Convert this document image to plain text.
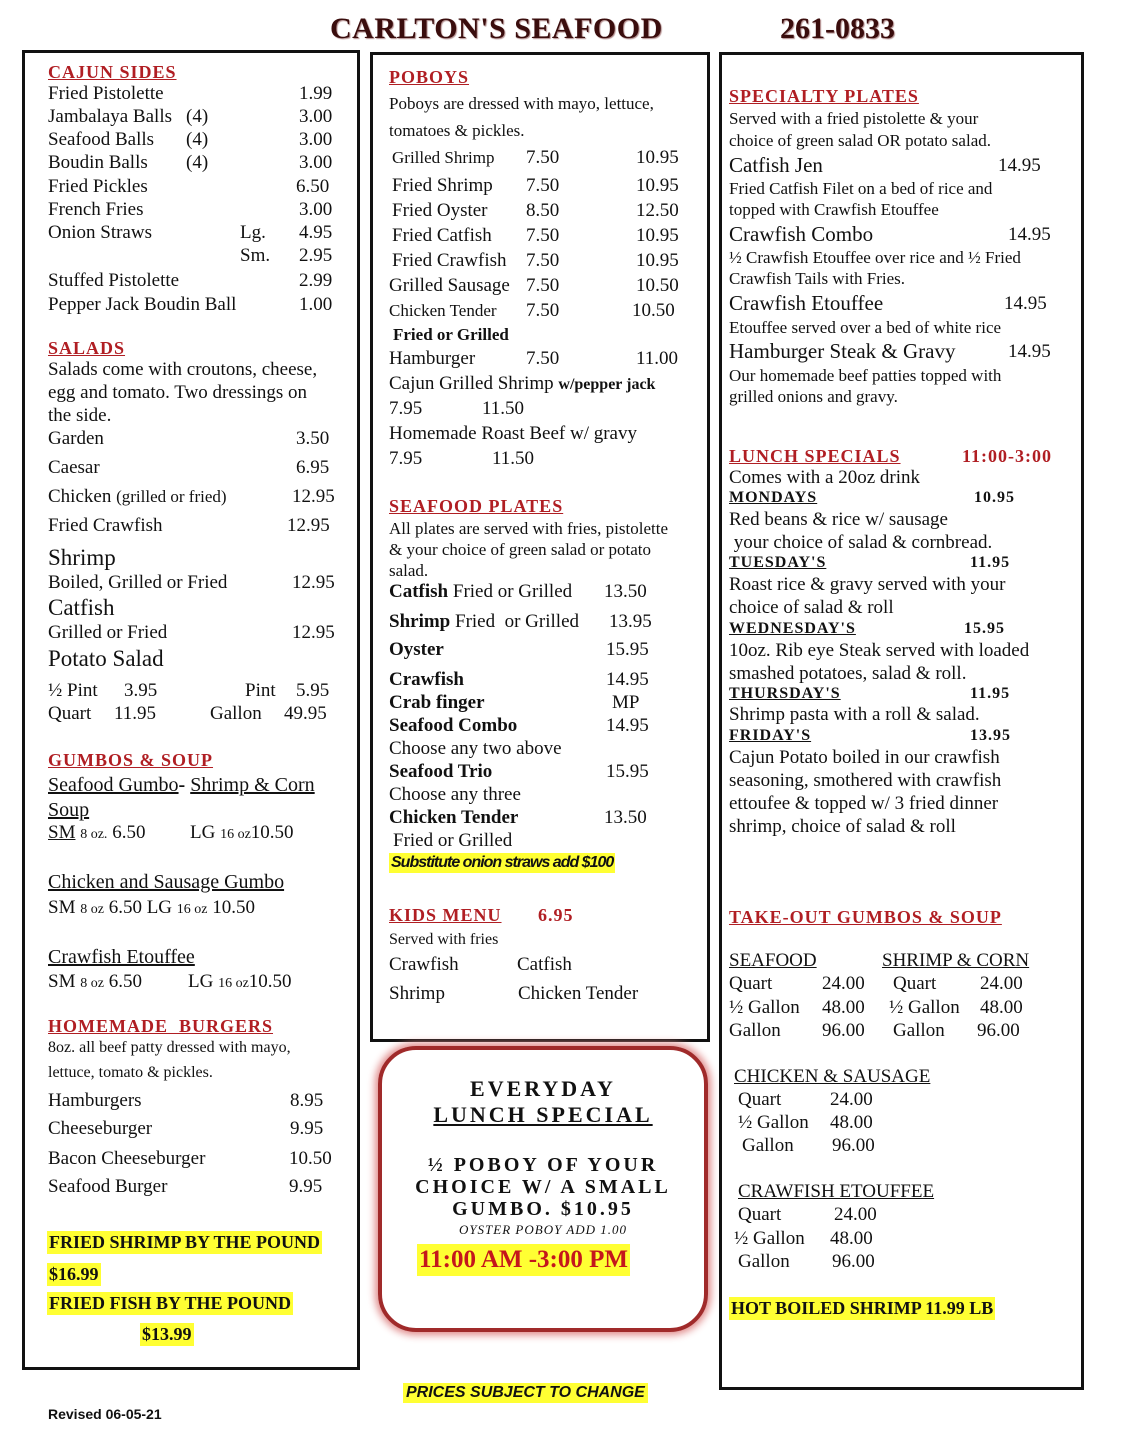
CARLTON'S SEAFOOD	261-0833
CAJUN SIDES
Fried Pistolette	1.99
Jambalaya Balls (4)	3.00
Seafood Balls (4)	3.00
Boudin Balls (4)	3.00
Fried Pickles	6.50
French Fries	3.00
Onion Straws	Lg. 4.95
Sm. 2.95
Stuffed Pistolette	2.99
Pepper Jack Boudin Ball	1.00
SALADS
Salads come with croutons, cheese,
egg and tomato. Two dressings on
the side.
Garden	3.50
Caesar	6.95
Chicken (grilled or fried)	12.95
Fried Crawfish	12.95
Shrimp
Boiled, Grilled or Fried	12.95
Catfish
Grilled or Fried	12.95
Potato Salad
½ Pint 3.95	Pint 5.95
Quart 11.95	Gallon 49.95
GUMBOS & SOUP
Seafood Gumbo- Shrimp & Corn
Soup
SM 8 oz. 6.50 LG 16 oz10.50
Chicken and Sausage Gumbo
SM 8 oz 6.50 LG 16 oz 10.50
Crawfish Etouffee
SM 8 oz 6.50 LG 16 oz10.50
HOMEMADE  BURGERS
8oz. all beef patty dressed with mayo,
lettuce, tomato & pickles.
Hamburgers	8.95
Cheeseburger	9.95
Bacon Cheeseburger	10.50
Seafood Burger	9.95
FRIED SHRIMP BY THE POUND
$16.99
FRIED FISH BY THE POUND
$13.99
POBOYS
Poboys are dressed with mayo, lettuce,
tomatoes & pickles.
Grilled Shrimp 7.50	10.95
Fried Shrimp 7.50	10.95
Fried Oyster 8.50	12.50
Fried Catfish 7.50	10.95
Fried Crawfish 7.50	10.95
Grilled Sausage 7.50	10.50
Chicken Tender 7.50	10.50
Fried or Grilled
Hamburger	7.50	11.00
Cajun Grilled Shrimp w/pepper jack
7.95	11.50
Homemade Roast Beef w/ gravy
7.95	11.50
SEAFOOD PLATES
All plates are served with fries, pistolette
& your choice of green salad or potato
salad.
Catfish Fried or Grilled 13.50
Shrimp Fried  or Grilled 13.95
Oyster	15.95
Crawfish	14.95
Crab finger	MP
Seafood Combo	14.95
Choose any two above
Seafood Trio	15.95
Choose any three
Chicken Tender	13.50
Fried or Grilled
Substitute onion straws add $100
KIDS MENU 6.95
Served with fries
Crawfish	Catfish
Shrimp	Chicken Tender
EVERYDAY
LUNCH SPECIAL
½ POBOY OF YOUR
CHOICE W/ A SMALL
GUMBO. $10.95
OYSTER POBOY ADD 1.00
11:00 AM -3:00 PM
SPECIALTY PLATES
Served with a fried pistolette & your
choice of green salad OR potato salad.
Catfish Jen	14.95
Fried Catfish Filet on a bed of rice and
topped with Crawfish Etouffee
Crawfish Combo	14.95
½ Crawfish Etouffee over rice and ½ Fried
Crawfish Tails with Fries.
Crawfish Etouffee	14.95
Etouffee served over a bed of white rice
Hamburger Steak & Gravy	14.95
Our homemade beef patties topped with
grilled onions and gravy.
LUNCH SPECIALS	11:00-3:00
Comes with a 20oz drink
MONDAYS	10.95
Red beans & rice w/ sausage
your choice of salad & cornbread.
TUESDAY'S	11.95
Roast rice & gravy served with your
choice of salad & roll
WEDNESDAY'S	15.95
10oz. Rib eye Steak served with loaded
smashed potatoes, salad & roll.
THURSDAY'S	11.95
Shrimp pasta with a roll & salad.
FRIDAY'S	13.95
Cajun Potato boiled in our crawfish
seasoning, smothered with crawfish
ettoufee & topped w/ 3 fried dinner
shrimp, choice of salad & roll
TAKE-OUT GUMBOS & SOUP
SEAFOOD
Quart	24.00
½ Gallon 48.00
Gallon 96.00
SHRIMP & CORN
Quart 24.00
½ Gallon 48.00
Gallon 96.00
CHICKEN & SAUSAGE
Quart	24.00
½ Gallon 48.00
Gallon 96.00
CRAWFISH ETOUFFEE
Quart	24.00
½ Gallon 48.00
Gallon 96.00
HOT BOILED SHRIMP 11.99 LB
PRICES SUBJECT TO CHANGE
Revised 06-05-21
